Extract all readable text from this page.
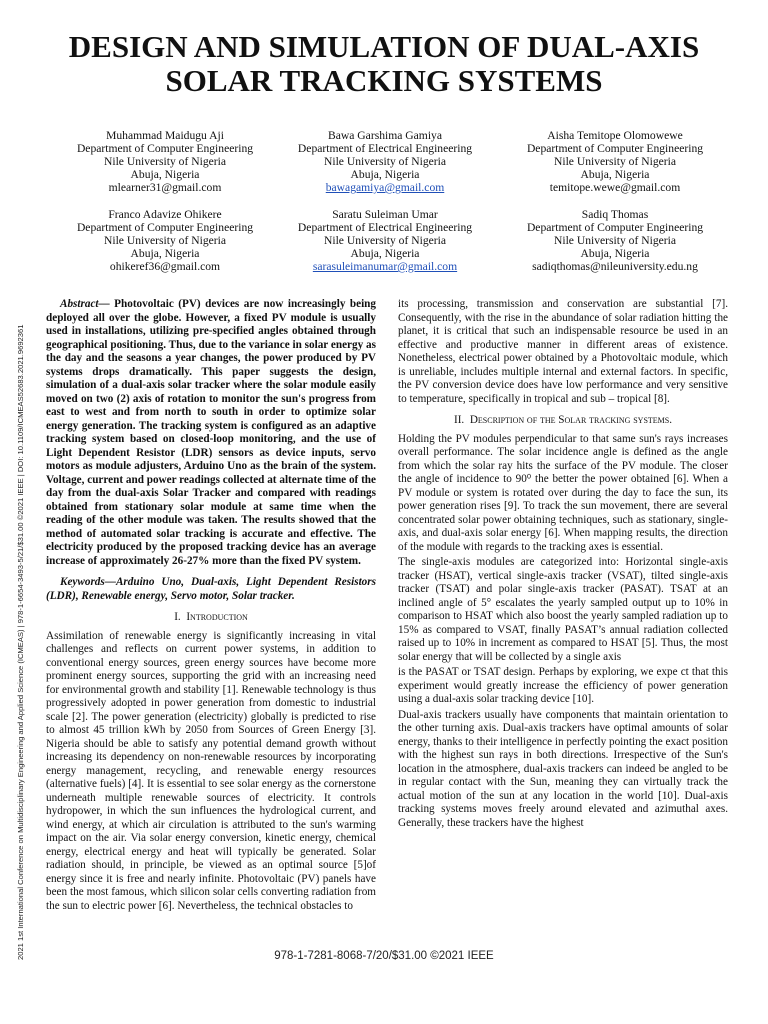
2021 1st International Conference on Multidisciplinary Engineering and Applied Science (ICMEAS) | 978-1-6654-3493-5/21/$31.00 ©2021 IEEE | DOI: 10.1109/ICMEAS52683.2021.9692361
DESIGN AND SIMULATION OF DUAL-AXIS
SOLAR TRACKING SYSTEMS
Muhammad Maidugu Aji
Department of Computer Engineering
Nile University of Nigeria
Abuja, Nigeria
mlearner31@gmail.com
Bawa Garshima Gamiya
Department of Electrical Engineering
Nile University of Nigeria
Abuja, Nigeria
bawagamiya@gmail.com
Aisha Temitope Olomowewe
Department of Computer Engineering
Nile University of Nigeria
Abuja, Nigeria
temitope.wewe@gmail.com
Franco Adavize Ohikere
Department of Computer Engineering
Nile University of Nigeria
Abuja, Nigeria
ohikeref36@gmail.com
Saratu Suleiman Umar
Department of Electrical Engineering
Nile University of Nigeria
Abuja, Nigeria
sarasuleimanumar@gmail.com
Sadiq Thomas
Department of Computer Engineering
Nile University of Nigeria
Abuja, Nigeria
sadiqthomas@nileuniversity.edu.ng

Abstract— Photovoltaic (PV) devices are now increasingly being deployed all over the globe. However, a fixed PV module is usually used in installations, utilizing pre-specified angles obtained through geographical positioning. Thus, due to the variance in solar energy as the day and the seasons a year changes, the power produced by PV systems drops dramatically. This paper suggests the design, simulation of a dual-axis solar tracker where the solar module easily moved on two (2) axis of rotation to monitor the sun's progress from east to west and from north to south in order to optimize solar energy generation. The tracking system is configured as an adaptive tracking system based on closed-loop monitoring, and the use of Light Dependent Resistor (LDR) sensors as device inputs, servo motors as module adjusters, Arduino Uno as the brain of the system. Voltage, current and power readings collected at alternate time of the day from the dual-axis Solar Tracker and compared with readings obtained from stationary solar module at same time when the reading of the other module was taken. The results showed that the method of automated solar tracking is accurate and effective. The electricity produced by the proposed tracking device has an average increase of approximately 26-27% more than the fixed PV system.

Keywords—Arduino Uno, Dual-axis, Light Dependent Resistors (LDR), Renewable energy, Servo motor, Solar tracker.

I. Introduction

Assimilation of renewable energy is significantly increasing in vital challenges and reflects on current power systems, in addition to conventional energy sources, green energy sources have become more prominent energy sources, supporting the grid with an increasing need for environmental growth and stability [1]. Renewable technology is thus progressively adopted in power generation from domestic to industrial scale [2]. The power generation (electricity) globally is predicted to rise to almost 45 trillion kWh by 2050 from Sources of Green Energy [3]. Nigeria should be able to satisfy any potential demand growth without increasing its dependency on non-renewable resources by incorporating energy management, recycling, and renewable energy resources (alternative fuels) [4]. It is essential to see solar energy as the cornerstone underneath multiple renewable sources of electricity. It controls hydropower, in which the sun influences the hydrological current, and wind energy, at which air circulation is attributed to the sun's warming impact on the air. Via solar energy conversion, kinetic energy, chemical energy, electrical energy and heat will typically be generated. Solar radiation should, in principle, be viewed as an optimal source [5]of energy since it is free and nearly infinite. Photovoltaic (PV) panels have been the most famous, which silicon solar cells converting radiation from the sun to electric power [6]. Nevertheless, the technical obstacles to

its processing, transmission and conservation are substantial [7]. Consequently, with the rise in the abundance of solar radiation hitting the planet, it is critical that such an indispensable resource be used in an effective and productive manner in different areas of existence. Nonetheless, electrical power obtained by a Photovoltaic module, which is unreliable, includes multiple internal and external factors. In specific, the PV conversion device does have low performance and very sensitive to temperature, specifically in tropical and sub – tropical [8].

II. Description of the Solar tracking systems.

Holding the PV modules perpendicular to that same sun's rays increases overall performance. The solar incidence angle is defined as the angle from which the solar ray hits the surface of the PV module. The closer the angle of incidence to 90⁰ the better the power obtained [6]. When a PV module or system is rotated over during the day to face the sun, its power generation rises [9]. To track the sun movement, there are several concentrated solar power obtaining techniques, such as stationary, single-axis, and dual-axis solar energy [6]. When mapping results, the direction of the module with regards to the tracking axes is essential.

The single-axis modules are categorized into: Horizontal single-axis tracker (HSAT), vertical single-axis tracker (VSAT), tilted single-axis tracker (TSAT) and polar single-axis tracker (PASAT). TSAT at an inclined angle of 5° escalates the yearly sampled output up to 10% in comparison to HSAT which also boost the yearly sampled radiation up to 15% as compared to VSAT, finally PASAT’s annual radiation collected raised up to 10% in increment as compared to HSAT [5]. Thus, the most solar energy that will be collected by a single axis

is the PASAT or TSAT design. Perhaps by exploring, we expe ct that this experiment would greatly increase the efficiency of power generation using a dual-axis solar tracking device [10].

Dual-axis trackers usually have components that maintain orientation to the other turning axis. Dual-axis trackers have optimal amounts of solar energy, thanks to their intelligence in perfectly pointing the exact position with the highest sun rays in both directions. Irrespective of the Sun's location in the atmosphere, dual-axis trackers can indeed be angled to be in regular contact with the Sun, meaning they can virtually track the actual motion of the sun at any location in the world [10]. Dual-axis tracking systems moves freely around elevated and azimuthal axes. Generally, these trackers have the highest

978-1-7281-8068-7/20/$31.00 ©2021 IEEE
